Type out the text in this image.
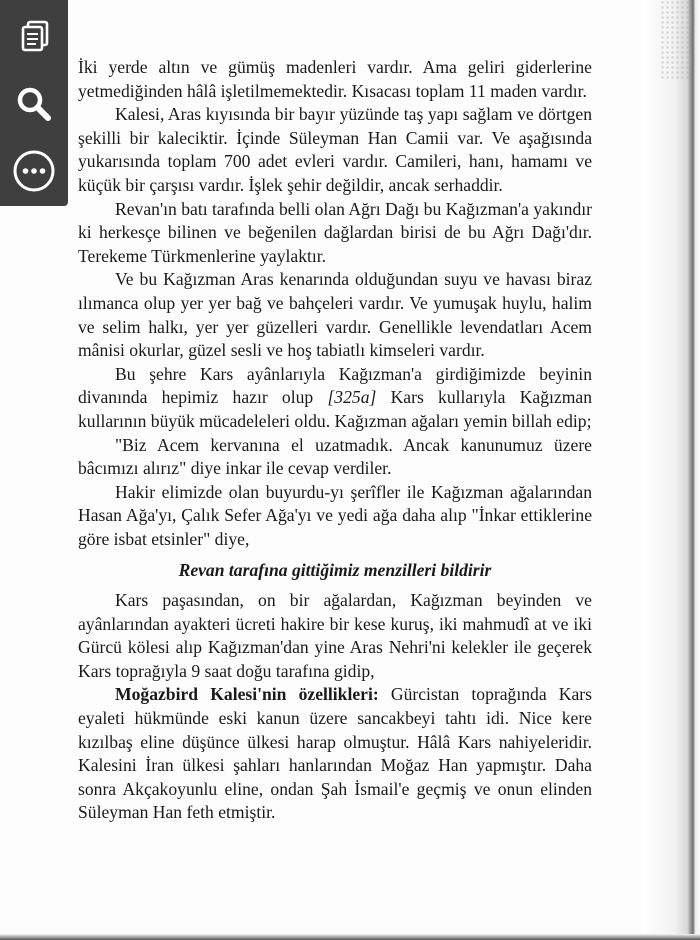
İki yerde altın ve gümüş madenleri vardır. Ama geliri giderlerine yetmediğinden hâlâ işletilmemektedir. Kısacası toplam 11 maden vardır.

Kalesi, Aras kıyısında bir bayır yüzünde taş yapı sağlam ve dörtgen şekilli bir kaleciktir. İçinde Süleyman Han Camii var. Ve aşağısında yukarısında toplam 700 adet evleri vardır. Camileri, hanı, hamamı ve küçük bir çarşısı vardır. İşlek şehir değildir, ancak serhaddir.

Revan'ın batı tarafında belli olan Ağrı Dağı bu Kağızman'a yakındır ki herkesçe bilinen ve beğenilen dağlardan birisi de bu Ağrı Dağı'dır. Terekeme Türkmenlerine yaylaktır.

Ve bu Kağızman Aras kenarında olduğundan suyu ve havası biraz ılımanca olup yer yer bağ ve bahçeleri vardır. Ve yumuşak huylu, halim ve selim halkı, yer yer güzelleri vardır. Genellikle levendatları Acem mânisi okurlar, güzel sesli ve hoş tabiatlı kimseleri vardır.

Bu şehre Kars ayânlarıyla Kağızman'a girdiğimizde beyinin divanında hepimiz hazır olup [325a] Kars kullarıyla Kağızman kullarının büyük mücadeleleri oldu. Kağızman ağaları yemin billah edip;

"Biz Acem kervanına el uzatmadık. Ancak kanunumuz üzere bâcımızı alırız" diye inkar ile cevap verdiler.

Hakir elimizde olan buyurdu-yı şerîfler ile Kağızman ağalarından Hasan Ağa'yı, Çalık Sefer Ağa'yı ve yedi ağa daha alıp "İnkar ettiklerine göre isbat etsinler" diye,

Revan tarafına gittiğimiz menzilleri bildirir

Kars paşasından, on bir ağalardan, Kağızman beyinden ve ayânlarından ayakteri ücreti hakire bir kese kuruş, iki mahmudî at ve iki Gürcü kölesi alıp Kağızman'dan yine Aras Nehri'ni kelekler ile geçerek Kars toprağıyla 9 saat doğu tarafına gidip,

Moğazbird Kalesi'nin özellikleri: Gürcistan toprağında Kars eyaleti hükmünde eski kanun üzere sancakbeyi tahtı idi. Nice kere kızılbaş eline düşünce ülkesi harap olmuştur. Hâlâ Kars nahiyeleridir. Kalesini İran ülkesi şahları hanlarından Moğaz Han yapmıştır. Daha sonra Akçakoyunlu eline, ondan Şah İsmail'e geçmiş ve onun elinden Süleyman Han feth etmiştir.
